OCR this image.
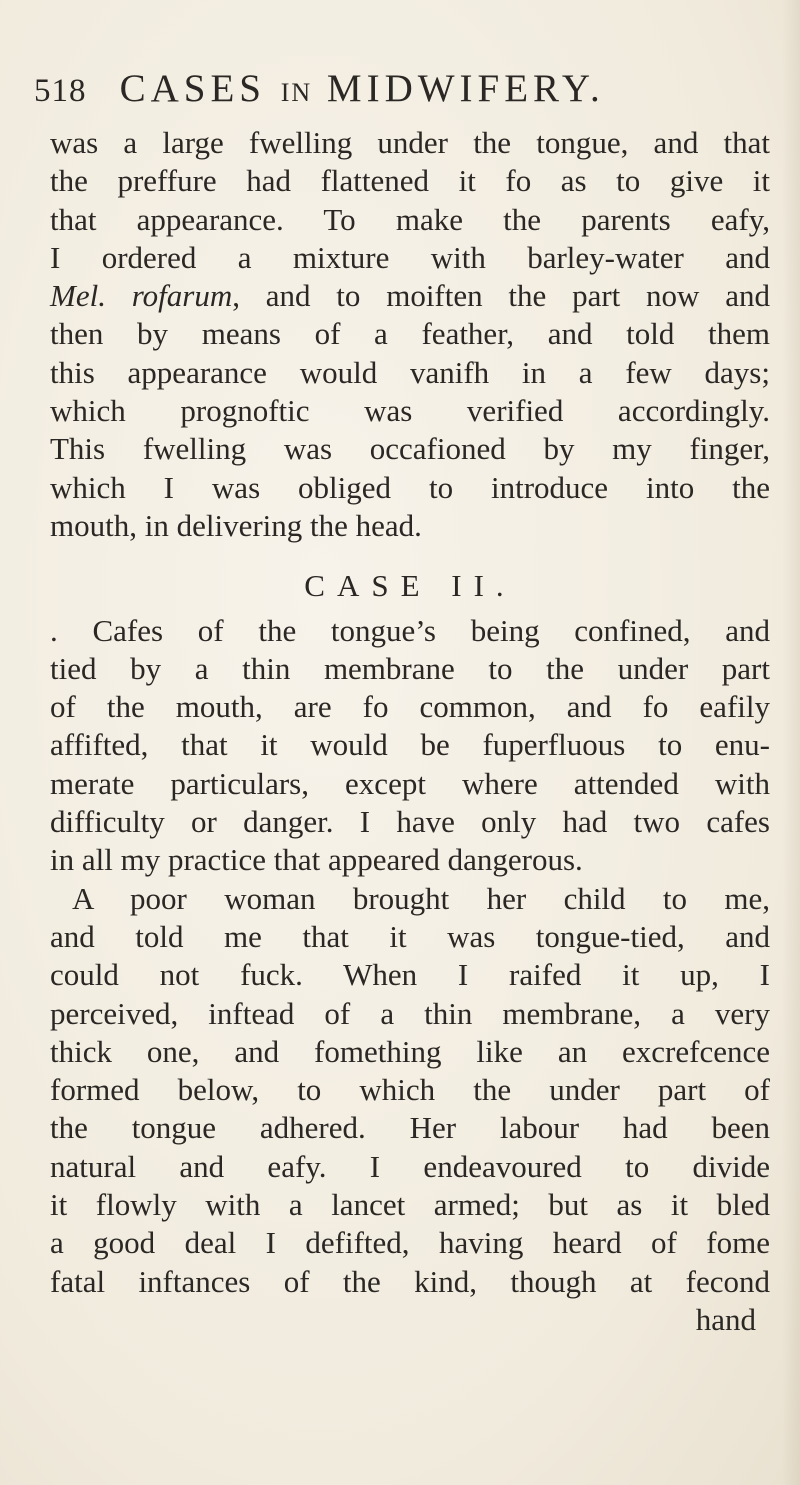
518 CASES IN MIDWIFERY.
was a large fwelling under the tongue, and that
the preffure had flattened it fo as to give it
that appearance. To make the parents eafy,
I ordered a mixture with barley-water and
Mel. rofarum, and to moiften the part now and
then by means of a feather, and told them
this appearance would vanifh in a few days;
which prognoftic was verified accordingly.
This fwelling was occafioned by my finger,
which I was obliged to introduce into the
mouth, in delivering the head.
CASE II.
. Cafes of the tongue’s being confined, and
tied by a thin membrane to the under part
of the mouth, are fo common, and fo eafily
affifted, that it would be fuperfluous to enu-
merate particulars, except where attended with
difficulty or danger. I have only had two cafes
in all my practice that appeared dangerous.
A poor woman brought her child to me,
and told me that it was tongue-tied, and
could not fuck. When I raifed it up, I
perceived, inftead of a thin membrane, a very
thick one, and fomething like an excrefcence
formed below, to which the under part of
the tongue adhered. Her labour had been
natural and eafy. I endeavoured to divide
it flowly with a lancet armed; but as it bled
a good deal I defifted, having heard of fome
fatal inftances of the kind, though at fecond
hand
